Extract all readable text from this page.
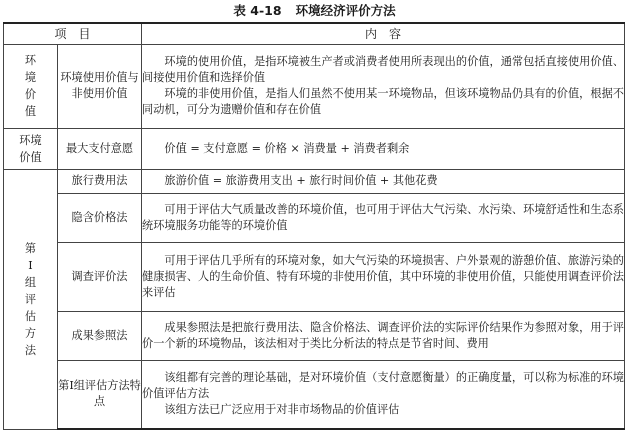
表 4-18 环境经济评价方法
项　目		内　容
环境价值	环境使用价值与非使用价值	环境的使用价值，是指环境被生产者或消费者使用所表现出的价值，通常包括直接使用价值、间接使用价值和选择价值

环境的非使用价值，是指人们虽然不使用某一环境物品，但该环境物品仍具有的价值，根据不同动机，可分为遗赠价值和存在价值

环境价值	最大支付意愿	价值 = 支付意愿 = 价格 × 消费量 + 消费者剩余

第Ⅰ组评估方法	旅行费用法	旅游价值 = 旅游费用支出 + 旅行时间价值 + 其他花费

	隐含价格法	可用于评估大气质量改善的环境价值，也可用于评估大气污染、水污染、环境舒适性和生态系统环境服务功能等的环境价值

	调查评价法	可用于评估几乎所有的环境对象，如大气污染的环境损害、户外景观的游憩价值、旅游污染的健康损害、人的生命价值、特有环境的非使用价值，其中环境的非使用价值，只能使用调查评价法来评估

	成果参照法	成果参照法是把旅行费用法、隐含价格法、调查评价法的实际评价结果作为参照对象，用于评价一个新的环境物品，该法相对于类比分析法的特点是节省时间、费用

	第Ⅰ组评估方法特点	该组都有完善的理论基础，是对环境价值（支付意愿衡量）的正确度量，可以称为标准的环境价值评估方法

该组方法已广泛应用于对非市场物品的价值评估
